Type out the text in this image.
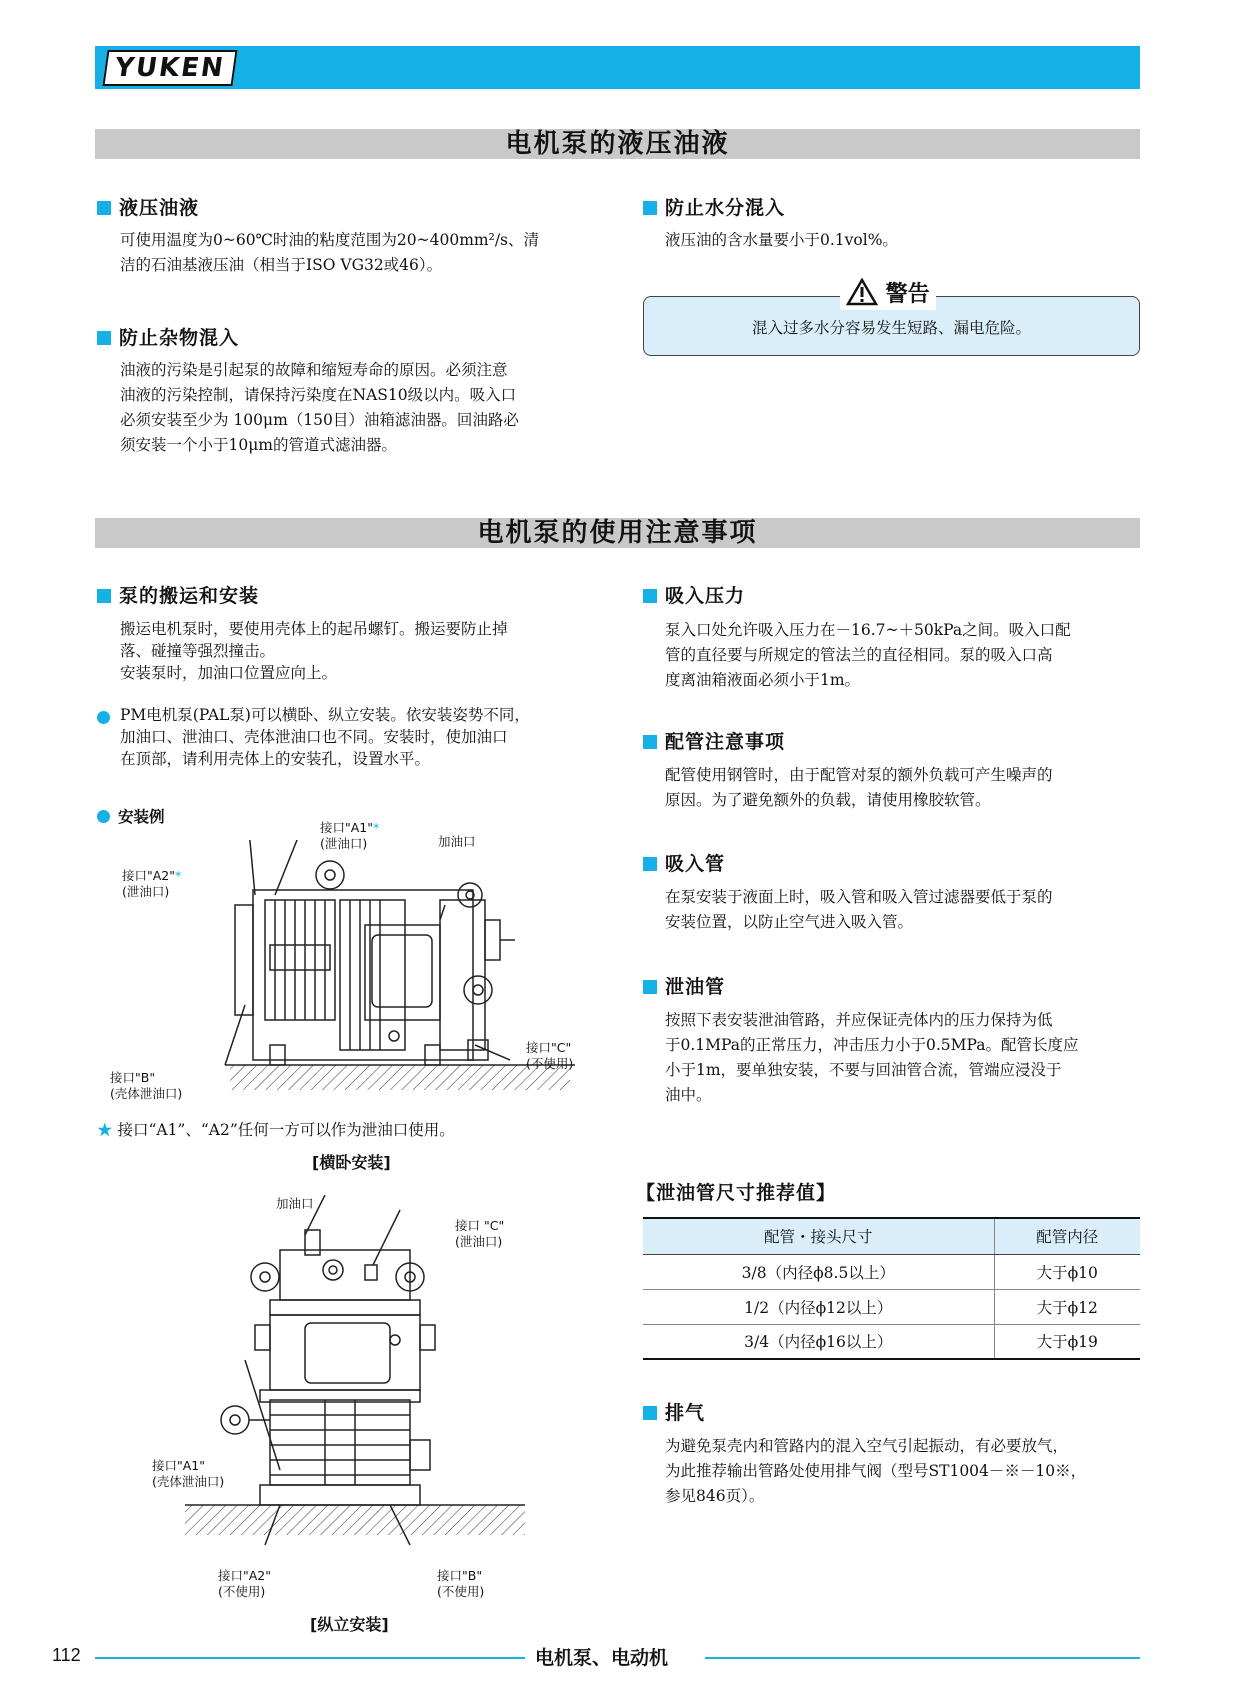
YUKEN
电机泵的液压油液
液压油液
可使用温度为0~60℃时油的粘度范围为20~400mm²/s、清
洁的石油基液压油（相当于ISO VG32或46）。
防止杂物混入
油液的污染是引起泵的故障和缩短寿命的原因。必须注意
油液的污染控制，请保持污染度在NAS10级以内。吸入口
必须安装至少为 100μm（150目）油箱滤油器。回油路必
须安装一个小于10μm的管道式滤油器。
防止水分混入
液压油的含水量要小于0.1vol%。
警告
混入过多水分容易发生短路、漏电危险。
电机泵的使用注意事项
泵的搬运和安装
搬运电机泵时，要使用壳体上的起吊螺钉。搬运要防止掉
落、碰撞等强烈撞击。
安装泵时，加油口位置应向上。
PM电机泵(PAL泵)可以横卧、纵立安装。依安装姿势不同，
加油口、泄油口、壳体泄油口也不同。安装时，使加油口
在顶部，请利用壳体上的安装孔，设置水平。
安装例
接口"A1"*
(泄油口)	加油口
接口"A2"*
(泄油口)
接口"B"
(壳体泄油口)
接口"C"
(不使用)
★ 接口“A1”、“A2”任何一方可以作为泄油口使用。
[横卧安装]
加油口
接口 "C"
(泄油口)
接口"A1"
(壳体泄油口)
接口"A2"
(不使用)
接口"B"
(不使用)
[纵立安装]
吸入压力
泵入口处允许吸入压力在－16.7~＋50kPa之间。吸入口配
管的直径要与所规定的管法兰的直径相同。泵的吸入口高
度离油箱液面必须小于1m。
配管注意事项
配管使用钢管时，由于配管对泵的额外负载可产生噪声的
原因。为了避免额外的负载，请使用橡胶软管。
吸入管
在泵安装于液面上时，吸入管和吸入管过滤器要低于泵的
安装位置，以防止空气进入吸入管。
泄油管
按照下表安装泄油管路，并应保证壳体内的压力保持为低
于0.1MPa的正常压力，冲击压力小于0.5MPa。配管长度应
小于1m，要单独安装，不要与回油管合流，管端应浸没于
油中。
【泄油管尺寸推荐值】
配管・接头尺寸	配管内径
3/8（内径ϕ8.5以上）	大于ϕ10
1/2（内径ϕ12以上）	大于ϕ12
3/4（内径ϕ16以上）	大于ϕ19
排气
为避免泵壳内和管路内的混入空气引起振动，有必要放气，
为此推荐输出管路处使用排气阀（型号ST1004－※－10※，
参见846页）。
112	电机泵、电动机
